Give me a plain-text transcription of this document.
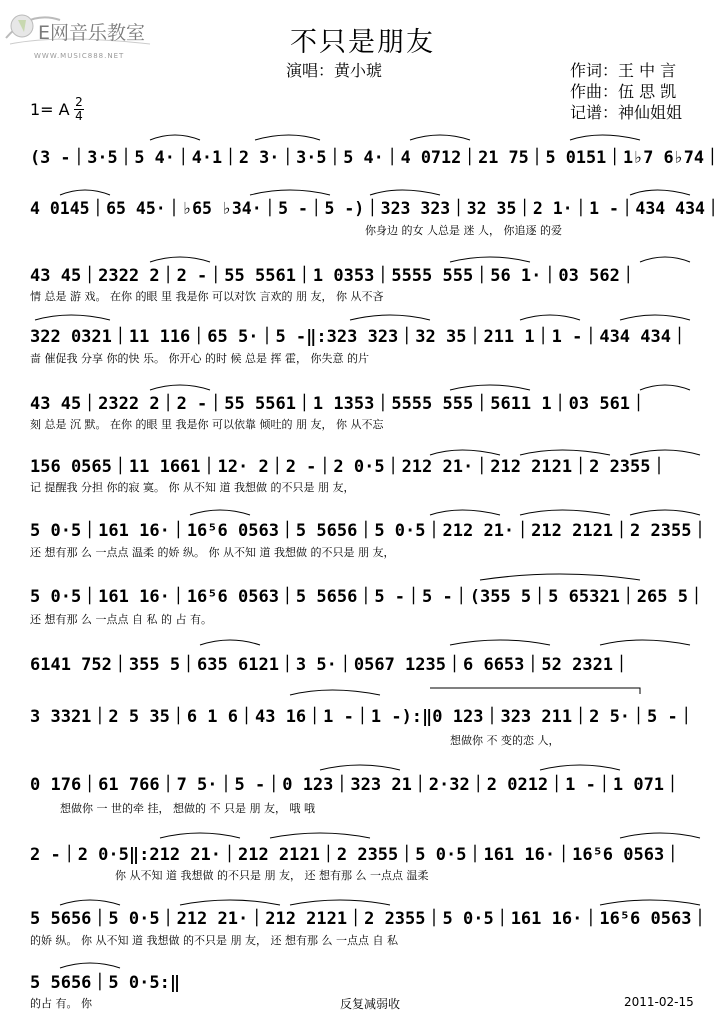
E网音乐教室
WWW.MUSIC888.NET	不只是朋友
演唱：黄小琥	作词：王 中 言
作曲：伍 思 凯
记谱：神仙姐姐
1= A 2
4
(3 -｜3·5｜5 4·｜4·1｜2 3·｜3·5｜5 4·｜4 0712｜21 75｜5 0151｜1♭7 6♭74｜
4 0145｜65 45·｜♭65 ♭34·｜5 -｜5 -)｜323 323｜32 35｜2 1·｜1 -｜434 434｜
你身边 的女 人总是 迷 人， 你追逐 的爱
43 45｜2322 2｜2 -｜55 5561｜1 0353｜5555 555｜56 1·｜03 562｜
情 总是 游 戏。 在你 的眼 里 我是你 可以对饮 言欢的 朋 友， 你 从不吝
322 0321｜11 116｜65 5·｜5 -‖:323 323｜32 35｜211 1｜1 -｜434 434｜
啬 催促我 分享 你的快 乐。 你开心 的时 候 总是 挥 霍， 你失意 的片
43 45｜2322 2｜2 -｜55 5561｜1 1353｜5555 555｜5611 1｜03 561｜
刻 总是 沉 默。 在你 的眼 里 我是你 可以依靠 倾吐的 朋 友， 你 从不忘
156 0565｜11 1661｜12· 2｜2 -｜2 0·5｜212 21·｜212 2121｜2 2355｜
记 提醒我 分担 你的寂 寞。 你 从不知 道 我想做 的不只是 朋 友，
5 0·5｜161 16·｜16⁵6 0563｜5 5656｜5 0·5｜212 21·｜212 2121｜2 2355｜
还 想有那 么 一点点 温柔 的娇 纵。 你 从不知 道 我想做 的不只是 朋 友，
5 0·5｜161 16·｜16⁵6 0563｜5 5656｜5 -｜5 -｜(355 5｜5 65321｜265 5｜
还 想有那 么 一点点 自 私 的 占 有。
6141 752｜355 5｜635 6121｜3 5·｜0567 1235｜6 6653｜52 2321｜
3 3321｜2 5 35｜6 1 6｜43 16｜1 -｜1 -):‖0 123｜323 211｜2 5·｜5 -｜
想做你 不 变的恋 人，
0 176｜61 766｜7 5·｜5 -｜0 123｜323 21｜2·32｜2 0212｜1 -｜1 071｜
想做你 一 世的牵 挂， 想做的 不 只是 朋 友， 哦 哦
2 -｜2 0·5‖:212 21·｜212 2121｜2 2355｜5 0·5｜161 16·｜16⁵6 0563｜
你 从不知 道 我想做 的不只是 朋 友， 还 想有那 么 一点点 温柔
5 5656｜5 0·5｜212 21·｜212 2121｜2 2355｜5 0·5｜161 16·｜16⁵6 0563｜
的娇 纵。 你 从不知 道 我想做 的不只是 朋 友， 还 想有那 么 一点点 自 私
5 5656｜5 0·5:‖
的占 有。 你	反复减弱收	2011-02-15
